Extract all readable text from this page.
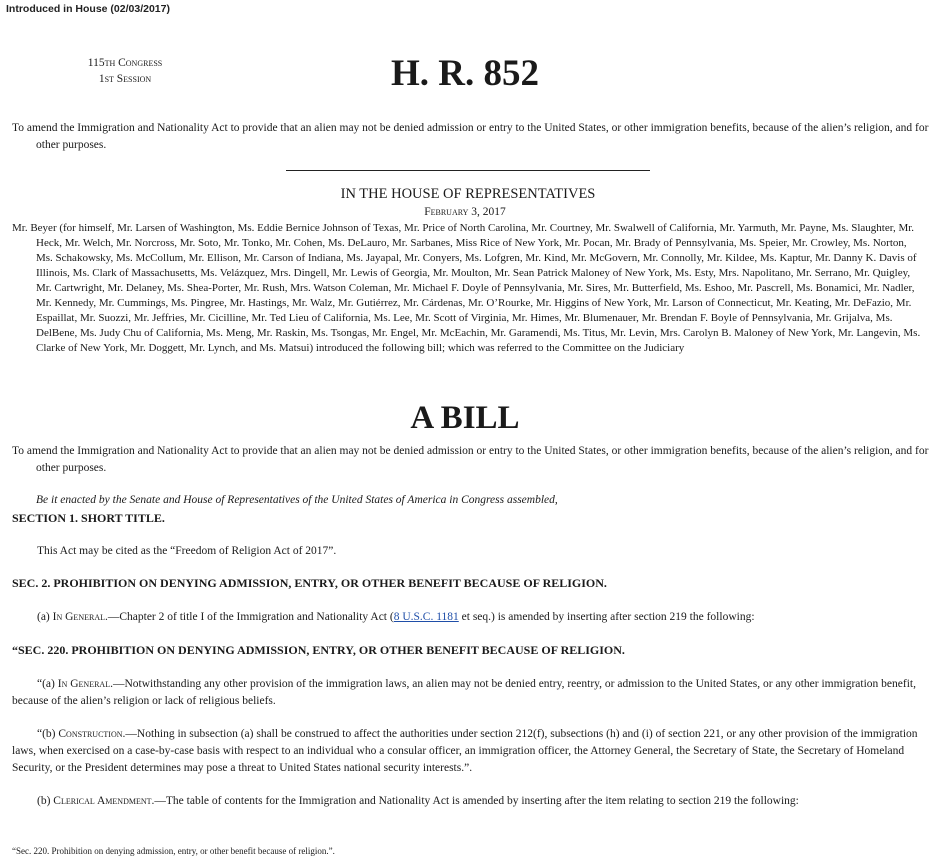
Introduced in House (02/03/2017)
115th Congress
1st Session	H. R. 852
To amend the Immigration and Nationality Act to provide that an alien may not be denied admission or entry to the United States, or other immigration benefits, because of the alien’s religion, and for other purposes.
IN THE HOUSE OF REPRESENTATIVES
February 3, 2017
Mr. Beyer (for himself, Mr. Larsen of Washington, Ms. Eddie Bernice Johnson of Texas, Mr. Price of North Carolina, Mr. Courtney, Mr. Swalwell of California, Mr. Yarmuth, Mr. Payne, Ms. Slaughter, Mr. Heck, Mr. Welch, Mr. Norcross, Mr. Soto, Mr. Tonko, Mr. Cohen, Ms. DeLauro, Mr. Sarbanes, Miss Rice of New York, Mr. Pocan, Mr. Brady of Pennsylvania, Ms. Speier, Mr. Crowley, Ms. Norton, Ms. Schakowsky, Ms. McCollum, Mr. Ellison, Mr. Carson of Indiana, Ms. Jayapal, Mr. Conyers, Ms. Lofgren, Mr. Kind, Mr. McGovern, Mr. Connolly, Mr. Kildee, Ms. Kaptur, Mr. Danny K. Davis of Illinois, Ms. Clark of Massachusetts, Ms. Velázquez, Mrs. Dingell, Mr. Lewis of Georgia, Mr. Moulton, Mr. Sean Patrick Maloney of New York, Ms. Esty, Mrs. Napolitano, Mr. Serrano, Mr. Quigley, Mr. Cartwright, Mr. Delaney, Ms. Shea-Porter, Mr. Rush, Mrs. Watson Coleman, Mr. Michael F. Doyle of Pennsylvania, Mr. Sires, Mr. Butterfield, Ms. Eshoo, Mr. Pascrell, Ms. Bonamici, Mr. Nadler, Mr. Kennedy, Mr. Cummings, Ms. Pingree, Mr. Hastings, Mr. Walz, Mr. Gutiérrez, Mr. Cárdenas, Mr. O’Rourke, Mr. Higgins of New York, Mr. Larson of Connecticut, Mr. Keating, Mr. DeFazio, Mr. Espaillat, Mr. Suozzi, Mr. Jeffries, Mr. Cicilline, Mr. Ted Lieu of California, Ms. Lee, Mr. Scott of Virginia, Mr. Himes, Mr. Blumenauer, Mr. Brendan F. Boyle of Pennsylvania, Mr. Grijalva, Ms. DelBene, Ms. Judy Chu of California, Ms. Meng, Mr. Raskin, Ms. Tsongas, Mr. Engel, Mr. McEachin, Mr. Garamendi, Ms. Titus, Mr. Levin, Mrs. Carolyn B. Maloney of New York, Mr. Langevin, Ms. Clarke of New York, Mr. Doggett, Mr. Lynch, and Ms. Matsui) introduced the following bill; which was referred to the Committee on the Judiciary
A BILL
To amend the Immigration and Nationality Act to provide that an alien may not be denied admission or entry to the United States, or other immigration benefits, because of the alien’s religion, and for other purposes.
Be it enacted by the Senate and House of Representatives of the United States of America in Congress assembled,
SECTION 1. SHORT TITLE.
This Act may be cited as the “Freedom of Religion Act of 2017”.
SEC. 2. PROHIBITION ON DENYING ADMISSION, ENTRY, OR OTHER BENEFIT BECAUSE OF RELIGION.
(a) In General.—Chapter 2 of title I of the Immigration and Nationality Act (8 U.S.C. 1181 et seq.) is amended by inserting after section 219 the following:
“SEC. 220. PROHIBITION ON DENYING ADMISSION, ENTRY, OR OTHER BENEFIT BECAUSE OF RELIGION.
“(a) In General.—Notwithstanding any other provision of the immigration laws, an alien may not be denied entry, reentry, or admission to the United States, or any other immigration benefit, because of the alien’s religion or lack of religious beliefs.
“(b) Construction.—Nothing in subsection (a) shall be construed to affect the authorities under section 212(f), subsections (h) and (i) of section 221, or any other provision of the immigration laws, when exercised on a case-by-case basis with respect to an individual who a consular officer, an immigration officer, the Attorney General, the Secretary of State, the Secretary of Homeland Security, or the President determines may pose a threat to United States national security interests.”.
(b) Clerical Amendment.—The table of contents for the Immigration and Nationality Act is amended by inserting after the item relating to section 219 the following:
“Sec. 220. Prohibition on denying admission, entry, or other benefit because of religion.”.
